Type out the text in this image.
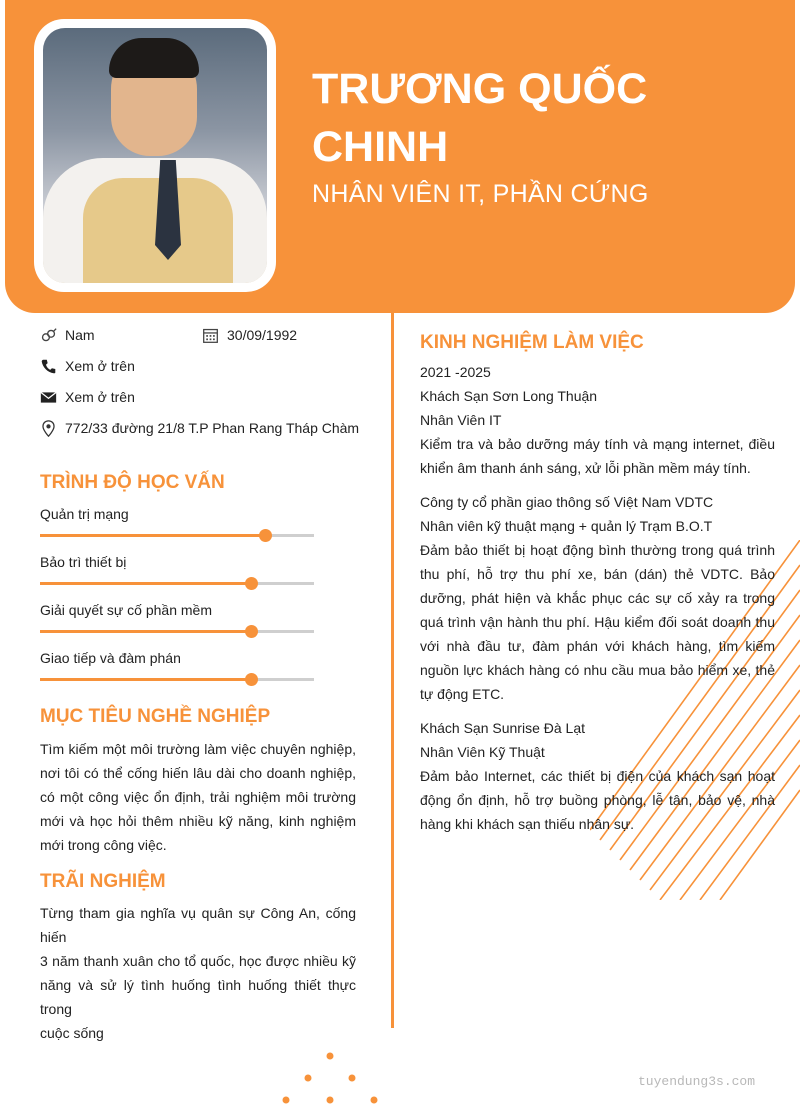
TRƯƠNG QUỐC
CHINH
NHÂN VIÊN IT, PHẦN CỨNG
Nam	30/09/1992
Xem ở trên
Xem ở trên
772/33 đường 21/8 T.P Phan Rang Tháp Chàm
TRÌNH ĐỘ HỌC VẤN
Quản trị mạng
Bảo trì thiết bị
Giải quyết sự cố phần mềm
Giao tiếp và đàm phán
MỤC TIÊU NGHỀ NGHIỆP
Tìm kiếm một môi trường làm việc chuyên nghiệp, nơi tôi có thể cống hiến lâu dài cho doanh nghiệp, có một công việc ổn định, trải nghiệm môi trường mới và học hỏi thêm nhiều kỹ năng, kinh nghiệm mới trong công việc.
TRÃI NGHIỆM
Từng tham gia nghĩa vụ quân sự Công An, cống hiến
3 năm thanh xuân cho tổ quốc, học được nhiều kỹ năng và sử lý tình huống tình huống thiết thực trong
cuộc sống
KINH NGHIỆM LÀM VIỆC
2021 -2025
Khách Sạn Sơn Long Thuận
Nhân Viên IT
Kiểm tra và bảo dưỡng máy tính và mạng internet, điều khiển âm thanh ánh sáng, xử lỗi phần mềm máy tính.
Công ty cổ phần giao thông số Việt Nam VDTC
Nhân viên kỹ thuật mạng + quản lý Trạm B.O.T
Đảm bảo thiết bị hoạt động bình thường trong quá trình thu phí, hỗ trợ thu phí xe, bán (dán) thẻ VDTC. Bảo dưỡng, phát hiện và khắc phục các sự cố xảy ra trong quá trình vận hành thu phí. Hậu kiểm đối soát doanh thu với nhà đầu tư, đàm phán với khách hàng, tìm kiếm nguồn lực khách hàng có nhu cầu mua bảo hiểm xe, thẻ tự động ETC.
Khách Sạn Sunrise Đà Lạt
Nhân Viên Kỹ Thuật
Đảm bảo Internet, các thiết bị điện của khách sạn hoạt động ổn định, hỗ trợ buồng phòng, lễ tân, bảo vệ, nhà hàng khi khách sạn thiếu nhân sự.
tuyendung3s.com
